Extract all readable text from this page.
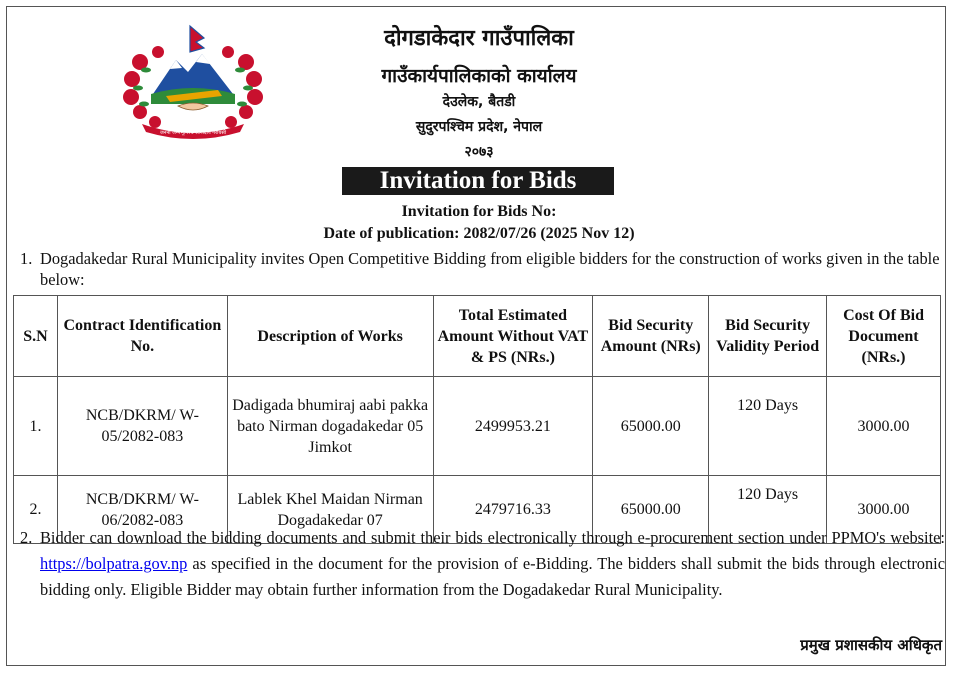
जननी जन्मभूमिश्च स्वर्गादपि गरीयसी
दोगडाकेदार गाउँपालिका
गाउँकार्यपालिकाको कार्यालय
देउलेक, बैतडी
सुदुरपश्चिम प्रदेश, नेपाल
२०७३
Invitation for Bids
Invitation for Bids No:
Date of publication: 2082/07/26 (2025 Nov 12)
1. Dogadakedar Rural Municipality invites Open Competitive Bidding from eligible bidders for the construction of works given in the table below:
S.N	Contract Identification No.	Description of Works	Total Estimated Amount Without VAT & PS (NRs.)	Bid Security Amount (NRs)	Bid Security Validity Period	Cost Of Bid Document (NRs.)
1.	NCB/DKRM/ W-05/2082-083	Dadigada bhumiraj aabi pakka bato Nirman dogadakedar 05 Jimkot	2499953.21	65000.00	120 Days	3000.00
2.	NCB/DKRM/ W-06/2082-083	Lablek Khel Maidan Nirman Dogadakedar 07	2479716.33	65000.00	120 Days	3000.00
2. Bidder can download the bidding documents and submit their bids electronically through e-procurement section under PPMO's website: https://bolpatra.gov.np as specified in the document for the provision of e-Bidding. The bidders shall submit the bids through electronic bidding only. Eligible Bidder may obtain further information from the Dogadakedar Rural Municipality.
प्रमुख प्रशासकीय अधिकृत
